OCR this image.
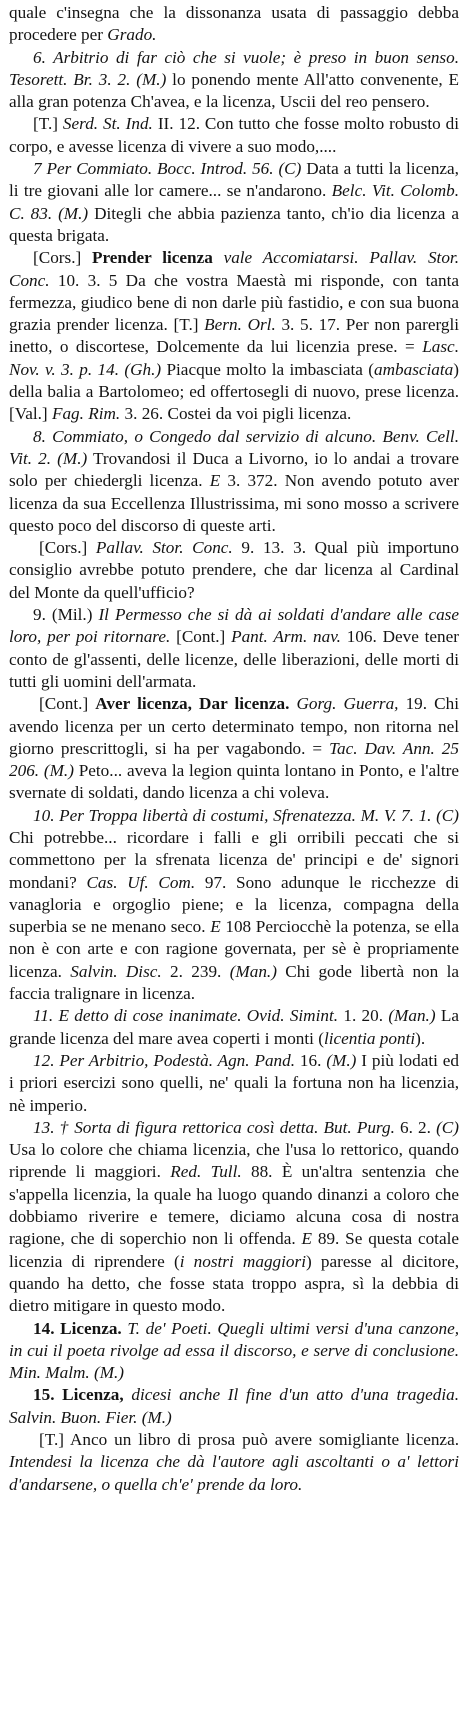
quale c'insegna che la dissonanza usata di passaggio debba procedere per Grado.

6. Arbitrio di far ciò che si vuole; è preso in buon senso. Tesorett. Br. 3. 2. (M.) lo ponendo mente All'atto convenente, E alla gran potenza Ch'avea, e la licenza, Uscii del reo pensero.

[T.] Serd. St. Ind. II. 12. Con tutto che fosse molto robusto di corpo, e avesse licenza di vivere a suo modo,....

7 Per Commiato. Bocc. Introd. 56. (C) Data a tutti la licenza, li tre giovani alle lor camere... se n'andarono. Belc. Vit. Colomb. C. 83. (M.) Ditegli che abbia pazienza tanto, ch'io dia licenza a questa brigata.

[Cors.] Prender licenza vale Accomiatarsi. Pallav. Stor. Conc. 10. 3. 5 Da che vostra Maestà mi risponde, con tanta fermezza, giudico bene di non darle più fastidio, e con sua buona grazia prender licenza. [T.] Bern. Orl. 3. 5. 17. Per non parergli inetto, o discortese, Dolcemente da lui licenzia prese. = Lasc. Nov. v. 3. p. 14. (Gh.) Piacque molto la imbasciata (ambasciata) della balia a Bartolomeo; ed offertosegli di nuovo, prese licenza. [Val.] Fag. Rim. 3. 26. Costei da voi pigli licenza.

8. Commiato, o Congedo dal servizio di alcuno. Benv. Cell. Vit. 2. (M.) Trovandosi il Duca a Livorno, io lo andai a trovare solo per chiedergli licenza. E 3. 372. Non avendo potuto aver licenza da sua Eccellenza Illustrissima, mi sono mosso a scrivere questo poco del discorso di queste arti.

[Cors.] Pallav. Stor. Conc. 9. 13. 3. Qual più importuno consiglio avrebbe potuto prendere, che dar licenza al Cardinal del Monte da quell'ufficio?

9. (Mil.) Il Permesso che si dà ai soldati d'andare alle case loro, per poi ritornare. [Cont.] Pant. Arm. nav. 106. Deve tener conto de gl'assenti, delle licenze, delle liberazioni, delle morti di tutti gli uomini dell'armata.

[Cont.] Aver licenza, Dar licenza. Gorg. Guerra, 19. Chi avendo licenza per un certo determinato tempo, non ritorna nel giorno prescrittogli, si ha per vagabondo. = Tac. Dav. Ann. 25 206. (M.) Peto... aveva la legion quinta lontano in Ponto, e l'altre svernate di soldati, dando licenza a chi voleva.

10. Per Troppa libertà di costumi, Sfrenatezza. M. V. 7. 1. (C) Chi potrebbe... ricordare i falli e gli orribili peccati che si commettono per la sfrenata licenza de' principi e de' signori mondani? Cas. Uf. Com. 97. Sono adunque le ricchezze di vanagloria e orgoglio piene; e la licenza, compagna della superbia se ne menano seco. E 108 Perciocchè la potenza, se ella non è con arte e con ragione governata, per sè è propriamente licenza. Salvin. Disc. 2. 239. (Man.) Chi gode libertà non la faccia tralignare in licenza.

11. E detto di cose inanimate. Ovid. Simint. 1. 20. (Man.) La grande licenza del mare avea coperti i monti (licentia ponti).

12. Per Arbitrio, Podestà. Agn. Pand. 16. (M.) I più lodati ed i priori esercizi sono quelli, ne' quali la fortuna non ha licenzia, nè imperio.

13. † Sorta di figura rettorica così detta. But. Purg. 6. 2. (C) Usa lo colore che chiama licenzia, che l'usa lo rettorico, quando riprende li maggiori. Red. Tull. 88. È un'altra sentenzia che s'appella licenzia, la quale ha luogo quando dinanzi a coloro che dobbiamo riverire e temere, diciamo alcuna cosa di nostra ragione, che di soperchio non li offenda. E 89. Se questa cotale licenzia di riprendere (i nostri maggiori) paresse al dicitore, quando ha detto, che fosse stata troppo aspra, sì la debbia di dietro mitigare in questo modo.

14. Licenza. T. de' Poeti. Quegli ultimi versi d'una canzone, in cui il poeta rivolge ad essa il discorso, e serve di conclusione. Min. Malm. (M.)

15. Licenza, dicesi anche Il fine d'un atto d'una tragedia. Salvin. Buon. Fier. (M.)

[T.] Anco un libro di prosa può avere somigliante licenza. Intendesi la licenza che dà l'autore agli ascoltanti o a' lettori d'andarsene, o quella ch'e' prende da loro.
